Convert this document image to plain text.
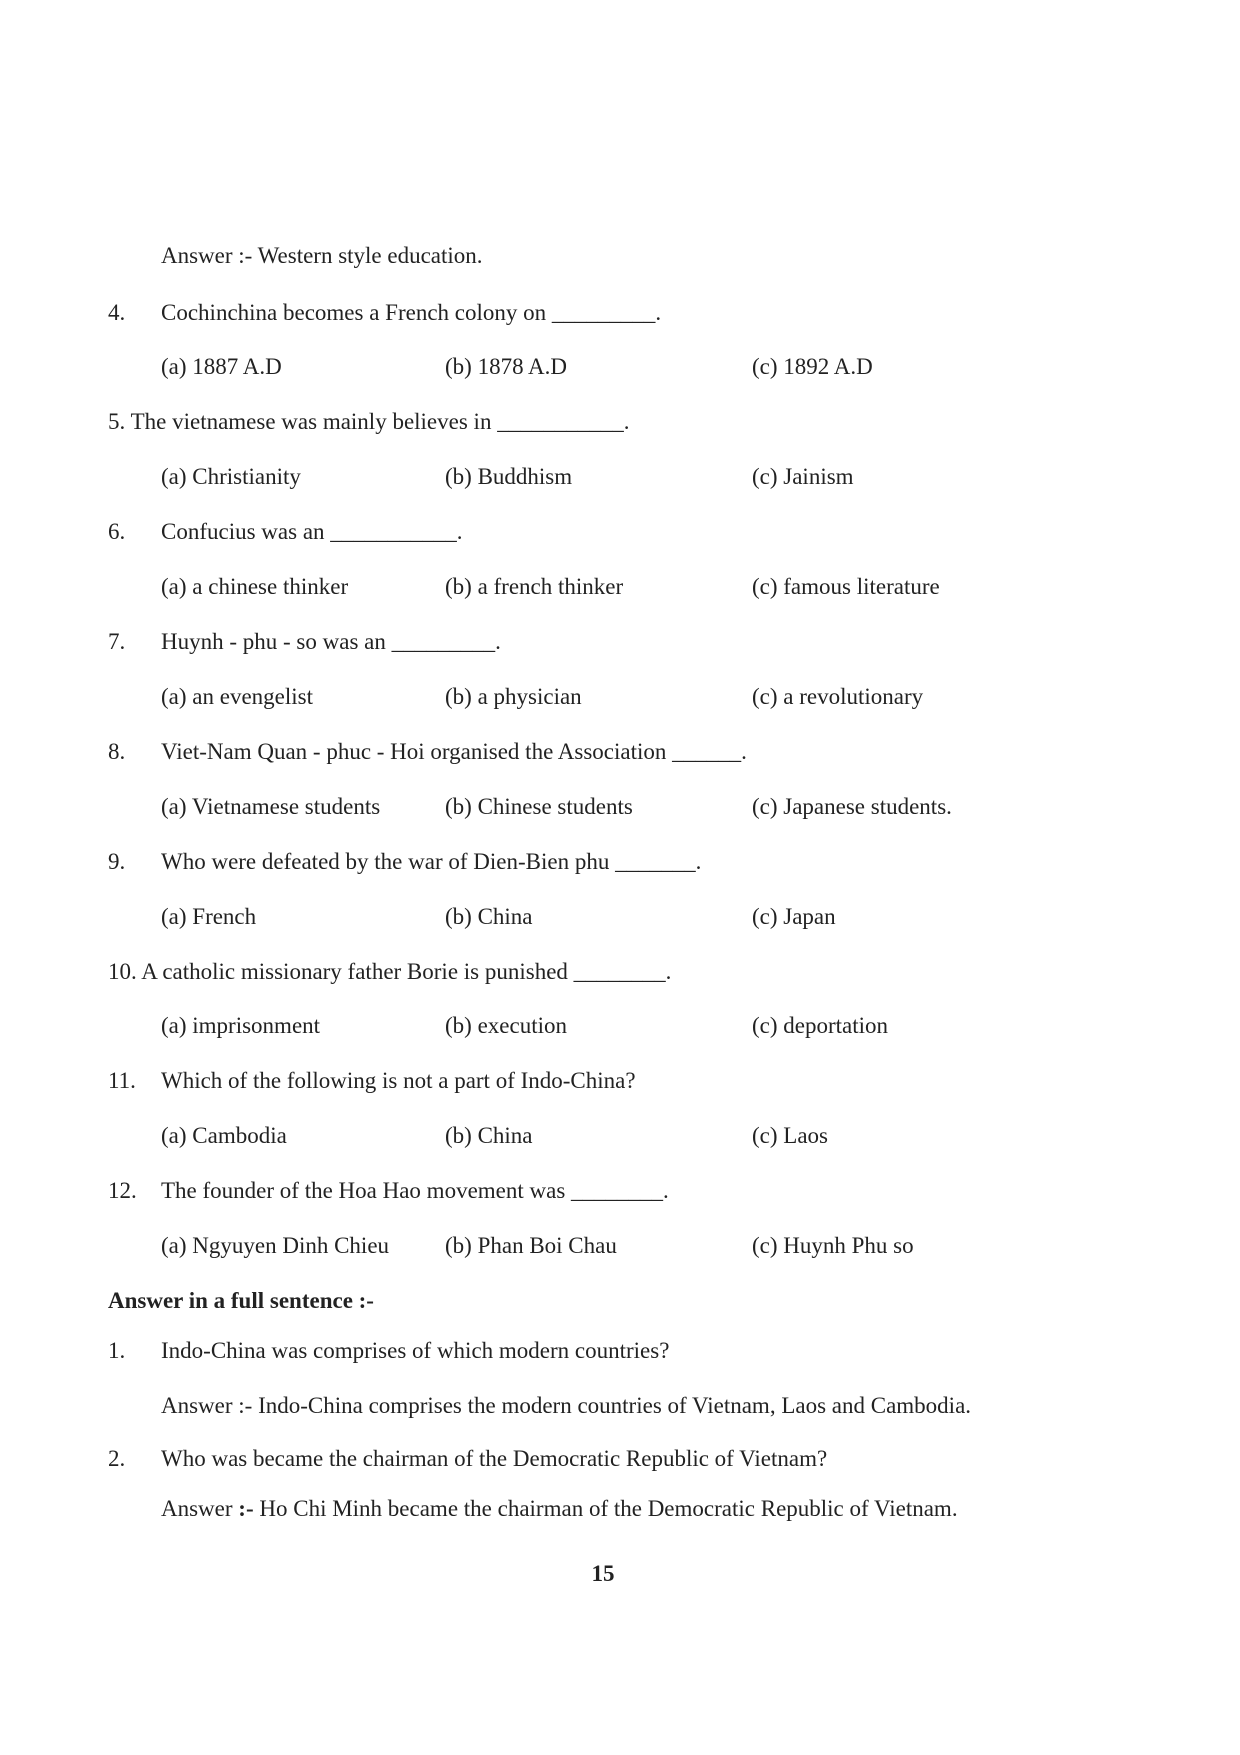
Answer :- Western style education.
4. Cochinchina becomes a French colony on _________.
(a) 1887 A.D	(b) 1878 A.D	(c) 1892 A.D
5. The vietnamese was mainly believes in ___________.
(a) Christianity	(b) Buddhism	(c) Jainism
6. Confucius was an ___________.
(a) a chinese thinker	(b) a french thinker	(c) famous literature
7. Huynh - phu - so was an _________.
(a) an evengelist	(b) a physician	(c) a revolutionary
8. Viet-Nam Quan - phuc - Hoi organised the Association ______.
(a) Vietnamese students	(b) Chinese students	(c) Japanese students.
9. Who were defeated by the war of Dien-Bien phu _______.
(a) French	(b) China	(c) Japan
10. A catholic missionary father Borie is punished ________.
(a) imprisonment	(b) execution	(c) deportation
11. Which of the following is not a part of Indo-China?
(a) Cambodia	(b) China	(c) Laos
12. The founder of the Hoa Hao movement was ________.
(a) Ngyuyen Dinh Chieu (b) Phan Boi Chau	(c) Huynh Phu so
Answer in a full sentence :-
1. Indo-China was comprises of which modern countries?
Answer :- Indo-China comprises the modern countries of Vietnam, Laos and Cambodia.
2. Who was became the chairman of the Democratic Republic of Vietnam?
Answer :- Ho Chi Minh became the chairman of the Democratic Republic of Vietnam.
15
